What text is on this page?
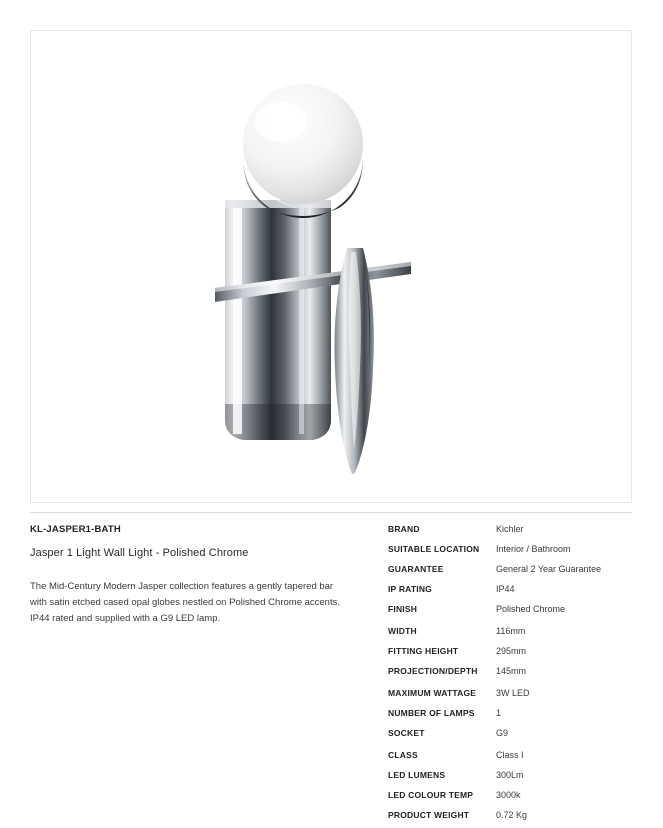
KL-JASPER1-BATH
Jasper 1 Light Wall Light - Polished Chrome

The Mid-Century Modern Jasper collection features a gently tapered bar with satin etched cased opal globes nestled on Polished Chrome accents. IP44 rated and supplied with a G9 LED lamp.

BRAND	Kichler
SUITABLE LOCATION	Interior / Bathroom
GUARANTEE	General 2 Year Guarantee
IP RATING	IP44
FINISH	Polished Chrome
WIDTH	116mm
FITTING HEIGHT	295mm
PROJECTION/DEPTH	145mm
MAXIMUM WATTAGE	3W LED
NUMBER OF LAMPS	1
SOCKET	G9
CLASS	Class I
LED LUMENS	300Lm
LED COLOUR TEMP	3000k
PRODUCT WEIGHT	0.72 Kg
